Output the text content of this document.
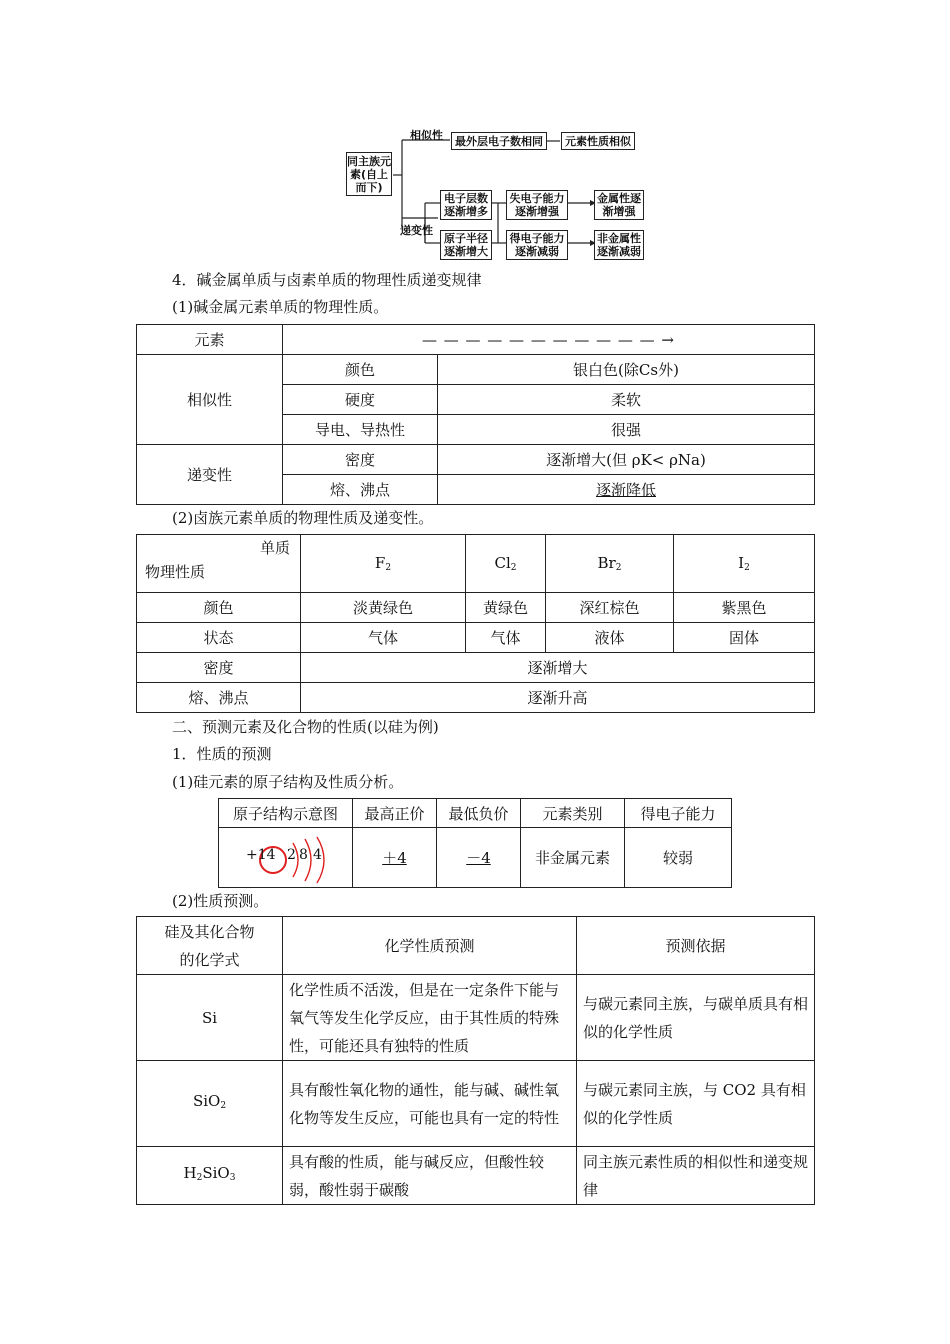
同主族元素(自上而下)
相似性 最外层电子数相同 元素性质相似
递变性
电子层数逐渐增多
失电子能力逐渐增强
金属性逐渐增强
原子半径逐渐增大
得电子能力逐渐减弱
非金属性逐渐减弱
4．碱金属单质与卤素单质的物理性质递变规律
(1)碱金属元素单质的物理性质。
元素	— — — — — — — — — — — →	
相似性	颜色	银白色(除Cs外)
	硬度	柔软
	导电、导热性	很强
递变性	密度	逐渐增大(但 ρK< ρNa)
	熔、沸点	逐渐降低
(2)卤族元素单质的物理性质及递变性。
单质
物理性质	$F_2$	$Cl_2$	$Br_2$	$I_2$
颜色	淡黄绿色	黄绿色	深红棕色	紫黑色
状态	气体	气体	液体	固体
密度	逐渐增大			
熔、沸点	逐渐升高			
二、预测元素及化合物的性质(以硅为例)
1．性质的预测
(1)硅元素的原子结构及性质分析。
原子结构示意图	最高正价	最低负价	元素类别	得电子能力

+14 2 8 4	＋4	－4	非金属元素	较弱
(2)性质预测。
硅及其化合物的化学式	化学性质预测	预测依据
Si	化学性质不活泼，但是在一定条件下能与氧气等发生化学反应，由于其性质的特殊性，可能还具有独特的性质	与碳元素同主族，与碳单质具有相似的化学性质
SiO$_2$	具有酸性氧化物的通性，能与碱、碱性氧化物等发生反应，可能也具有一定的特性	与碳元素同主族，与 CO2 具有相似的化学性质
$H_2SiO_3$	具有酸的性质，能与碱反应，但酸性较弱，酸性弱于碳酸	同主族元素性质的相似性和递变规律
